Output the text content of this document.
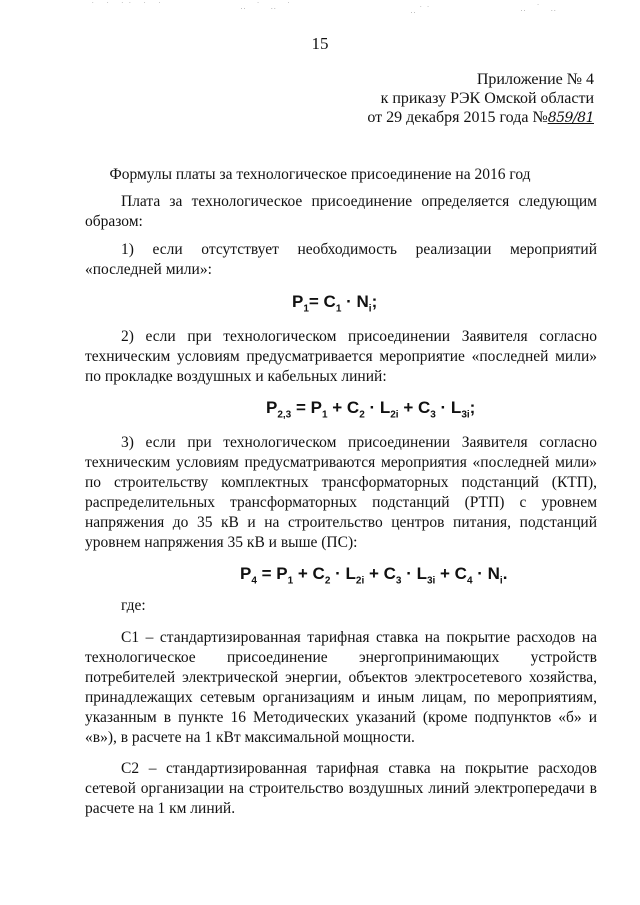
˙ ˙ ˙˙ ˙ ˙	‥ ˙ ‥ ˙	‥˙˙	‥ ˙ ‥
15
Приложение № 4
к приказу РЭК Омской области
от 29 декабря 2015 года №859/81
Формулы платы за технологическое присоединение на 2016 год
Плата за технологическое присоединение определяется следующим образом:
1) если отсутствует необходимость реализации мероприятий «последней мили»:
$P_1= C_1 \cdot N_i$;
2) если при технологическом присоединении Заявителя согласно техническим условиям предусматривается мероприятие «последней мили» по прокладке воздушных и кабельных линий:
$P_{2,3} = P_1 + C_2 \cdot L_{2i} + C_3 \cdot L_{3i}$;
3) если при технологическом присоединении Заявителя согласно техническим условиям предусматриваются мероприятия «последней мили» по строительству комплектных трансформаторных подстанций (КТП), распределительных трансформаторных подстанций (РТП) с уровнем напряжения до 35 кВ и на строительство центров питания, подстанций уровнем напряжения 35 кВ и выше (ПС):
$P_4 = P_1 + C_2 \cdot L_{2i} + C_3 \cdot L_{3i} + C_4 \cdot N_i$.
где:
С1 – стандартизированная тарифная ставка на покрытие расходов на технологическое присоединение энергопринимающих устройств потребителей электрической энергии, объектов электросетевого хозяйства, принадлежащих сетевым организациям и иным лицам, по мероприятиям, указанным в пункте 16 Методических указаний (кроме подпунктов «б» и «в»), в расчете на 1 кВт максимальной мощности.
С2 – стандартизированная тарифная ставка на покрытие расходов сетевой организации на строительство воздушных линий электропередачи в расчете на 1 км линий.
